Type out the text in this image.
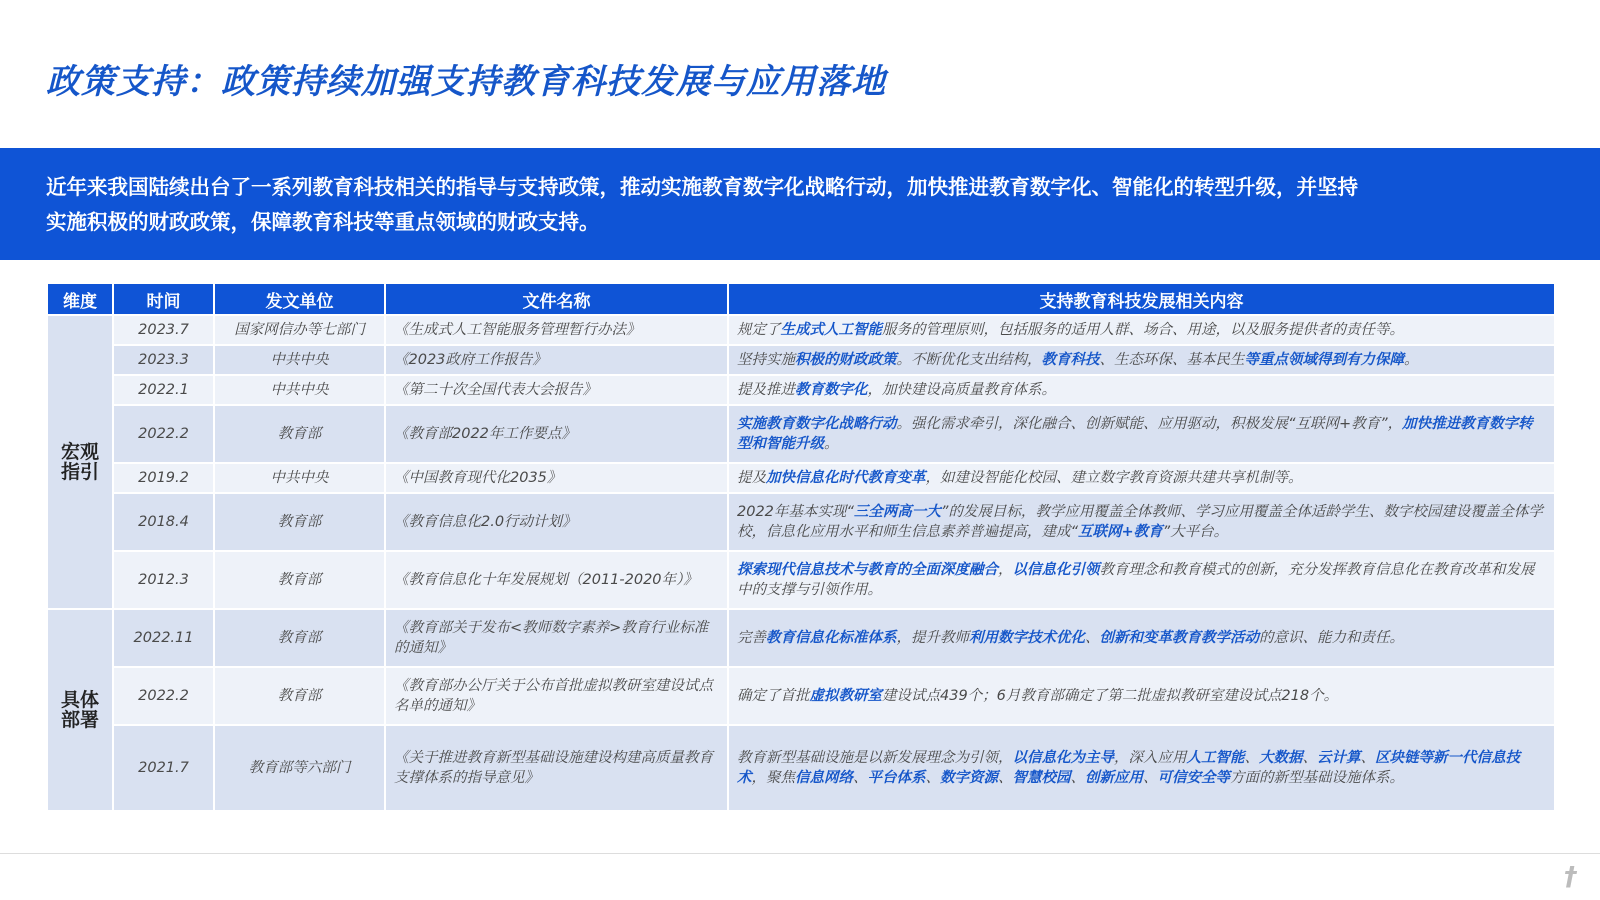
政策支持：政策持续加强支持教育科技发展与应用落地
近年来我国陆续出台了一系列教育科技相关的指导与支持政策，推动实施教育数字化战略行动，加快推进教育数字化、智能化的转型升级，并坚持
实施积极的财政政策，保障教育科技等重点领域的财政支持。
维度	时间	发文单位	文件名称	支持教育科技发展相关内容

宏观
指引	2023.7	国家网信办等七部门	《生成式人工智能服务管理暂行办法》	规定了生成式人工智能服务的管理原则，包括服务的适用人群、场合、用途，以及服务提供者的责任等。
	2023.3	中共中央	《2023政府工作报告》	坚持实施积极的财政政策。不断优化支出结构，教育科技、生态环保、基本民生等重点领域得到有力保障。
	2022.1	中共中央	《第二十次全国代表大会报告》	提及推进教育数字化，加快建设高质量教育体系。
	2022.2	教育部	《教育部2022年工作要点》	实施教育数字化战略行动。强化需求牵引，深化融合、创新赋能、应用驱动，积极发展“互联网+教育”，加快推进教育数字转型和智能升级。
	2019.2	中共中央	《中国教育现代化2035》	提及加快信息化时代教育变革，如建设智能化校园、建立数字教育资源共建共享机制等。
	2018.4	教育部	《教育信息化2.0行动计划》	2022年基本实现“三全两高一大”的发展目标，教学应用覆盖全体教师、学习应用覆盖全体适龄学生、数字校园建设覆盖全体学校，信息化应用水平和师生信息素养普遍提高，建成“互联网+教育”大平台。
	2012.3	教育部	《教育信息化十年发展规划（2011-2020年）》	探索现代信息技术与教育的全面深度融合，以信息化引领教育理念和教育模式的创新，充分发挥教育信息化在教育改革和发展中的支撑与引领作用。

具体
部署	2022.11	教育部	《教育部关于发布<教师数字素养>教育行业标准的通知》	完善教育信息化标准体系，提升教师利用数字技术优化、创新和变革教育教学活动的意识、能力和责任。
	2022.2	教育部	《教育部办公厅关于公布首批虚拟教研室建设试点名单的通知》	确定了首批虚拟教研室建设试点439个；6月教育部确定了第二批虚拟教研室建设试点218个。
	2021.7	教育部等六部门	《关于推进教育新型基础设施建设构建高质量教育支撑体系的指导意见》	教育新型基础设施是以新发展理念为引领，以信息化为主导，深入应用人工智能、大数据、云计算、区块链等新一代信息技术，聚焦信息网络、平台体系、数字资源、智慧校园、创新应用、可信安全等方面的新型基础设施体系。
†
